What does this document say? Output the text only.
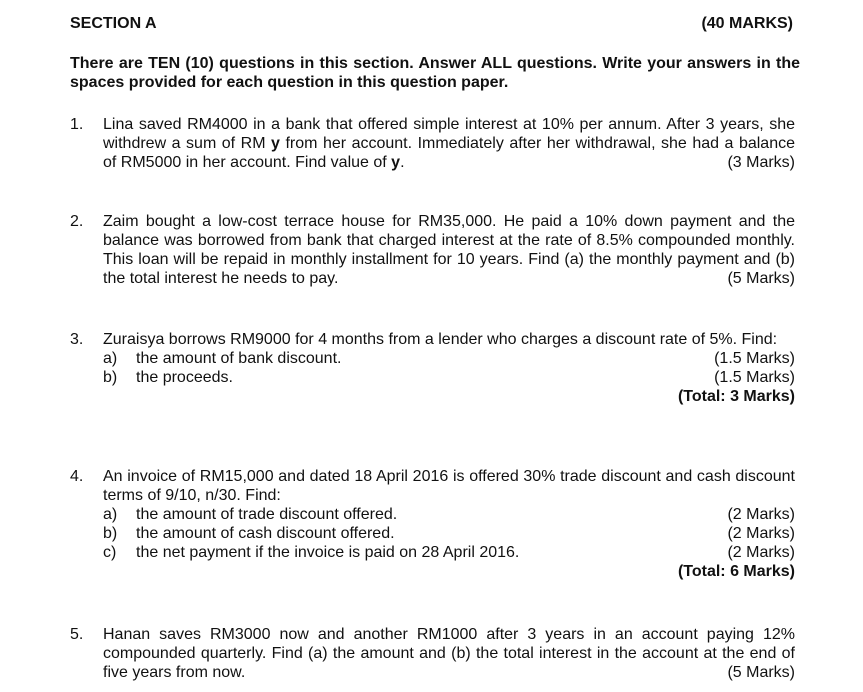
SECTION A	(40 MARKS)
There are TEN (10) questions in this section. Answer ALL questions. Write your answers in the spaces provided for each question in this question paper.
1. Lina saved RM4000 in a bank that offered simple interest at 10% per annum. After 3 years, she withdrew a sum of RM y from her account. Immediately after her withdrawal, she had a balance of RM5000 in her account. Find value of y.	(3 Marks)
2. Zaim bought a low-cost terrace house for RM35,000. He paid a 10% down payment and the balance was borrowed from bank that charged interest at the rate of 8.5% compounded monthly. This loan will be repaid in monthly installment for 10 years. Find (a) the monthly payment and (b) the total interest he needs to pay.	(5 Marks)
3. Zuraisya borrows RM9000 for 4 months from a lender who charges a discount rate of 5%. Find:
a) the amount of bank discount.	(1.5 Marks)
b) the proceeds.	(1.5 Marks)
(Total: 3 Marks)
4. An invoice of RM15,000 and dated 18 April 2016 is offered 30% trade discount and cash discount terms of 9/10, n/30. Find:
a) the amount of trade discount offered.	(2 Marks)
b) the amount of cash discount offered.	(2 Marks)
c) the net payment if the invoice is paid on 28 April 2016.	(2 Marks)
(Total: 6 Marks)
5. Hanan saves RM3000 now and another RM1000 after 3 years in an account paying 12% compounded quarterly. Find (a) the amount and (b) the total interest in the account at the end of five years from now.	(5 Marks)
